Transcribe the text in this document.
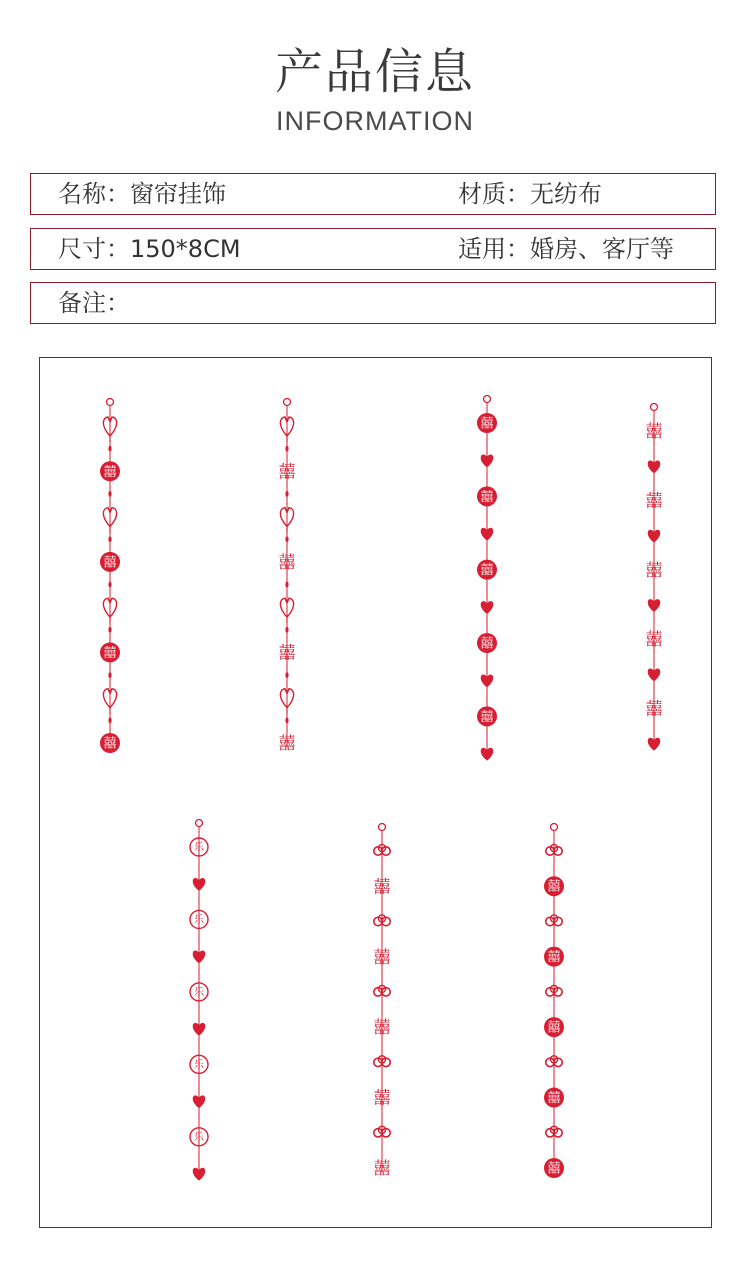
产品信息
INFORMATION
名称：窗帘挂饰	材质：无纺布
尺寸：150*8CM	适用：婚房、客厅等
备注：
囍
囍
囍
囍
囍
囍
囍
囍
囍
囍
囍
囍
囍
囍
囍
囍
囍
囍
乐
乐
乐
乐
乐
囍
囍
囍
囍
囍
囍
囍
囍
囍
囍
